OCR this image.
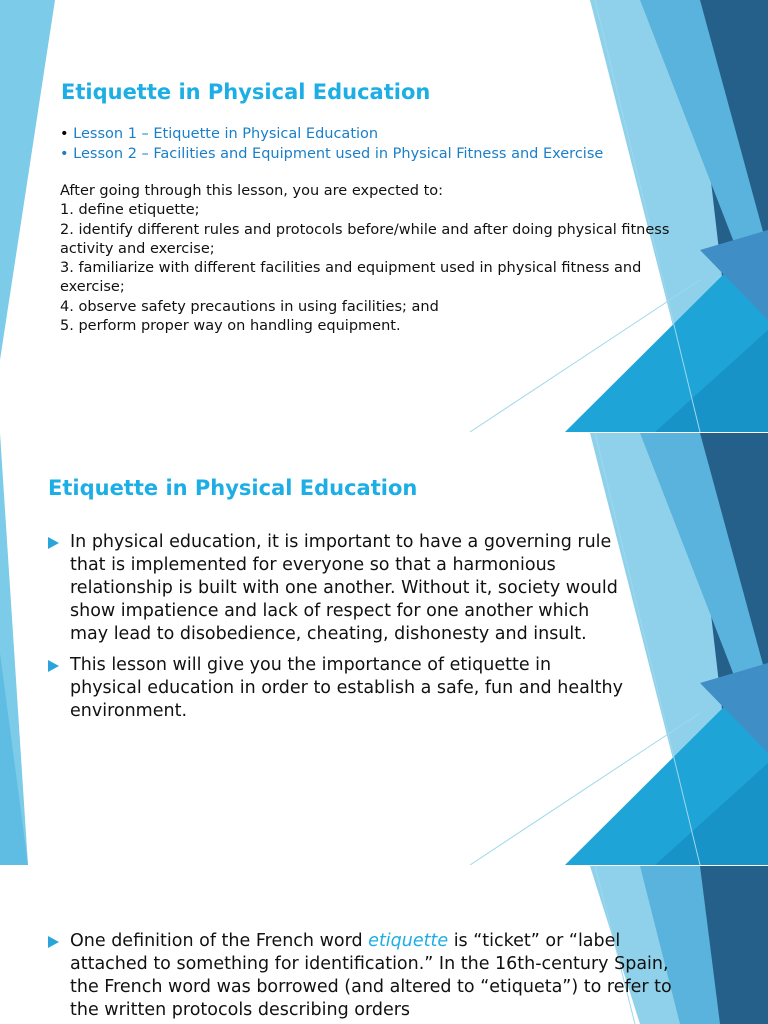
Etiquette in Physical Education
• Lesson 1 – Etiquette in Physical Education
• Lesson 2 – Facilities and Equipment used in Physical Fitness and Exercise

After going through this lesson, you are expected to:

1. define etiquette;

2. identify different rules and protocols before/while and after doing physical fitness activity and exercise;

3. familiarize with different facilities and equipment used in physical fitness and exercise;

4. observe safety precautions in using facilities; and

5. perform proper way on handling equipment.

Etiquette in Physical Education
In physical education, it is important to have a governing rule that is implemented for everyone so that a harmonious relationship is built with one another. Without it, society would show impatience and lack of respect for one another which may lead to disobedience, cheating, dishonesty and insult.
This lesson will give you the importance of etiquette in physical education in order to establish a safe, fun and healthy environment.
One definition of the French word etiquette is “ticket” or “label attached to something for identification.” In the 16th-century Spain, the French word was borrowed (and altered to “etiqueta”) to refer to the written protocols describing orders
